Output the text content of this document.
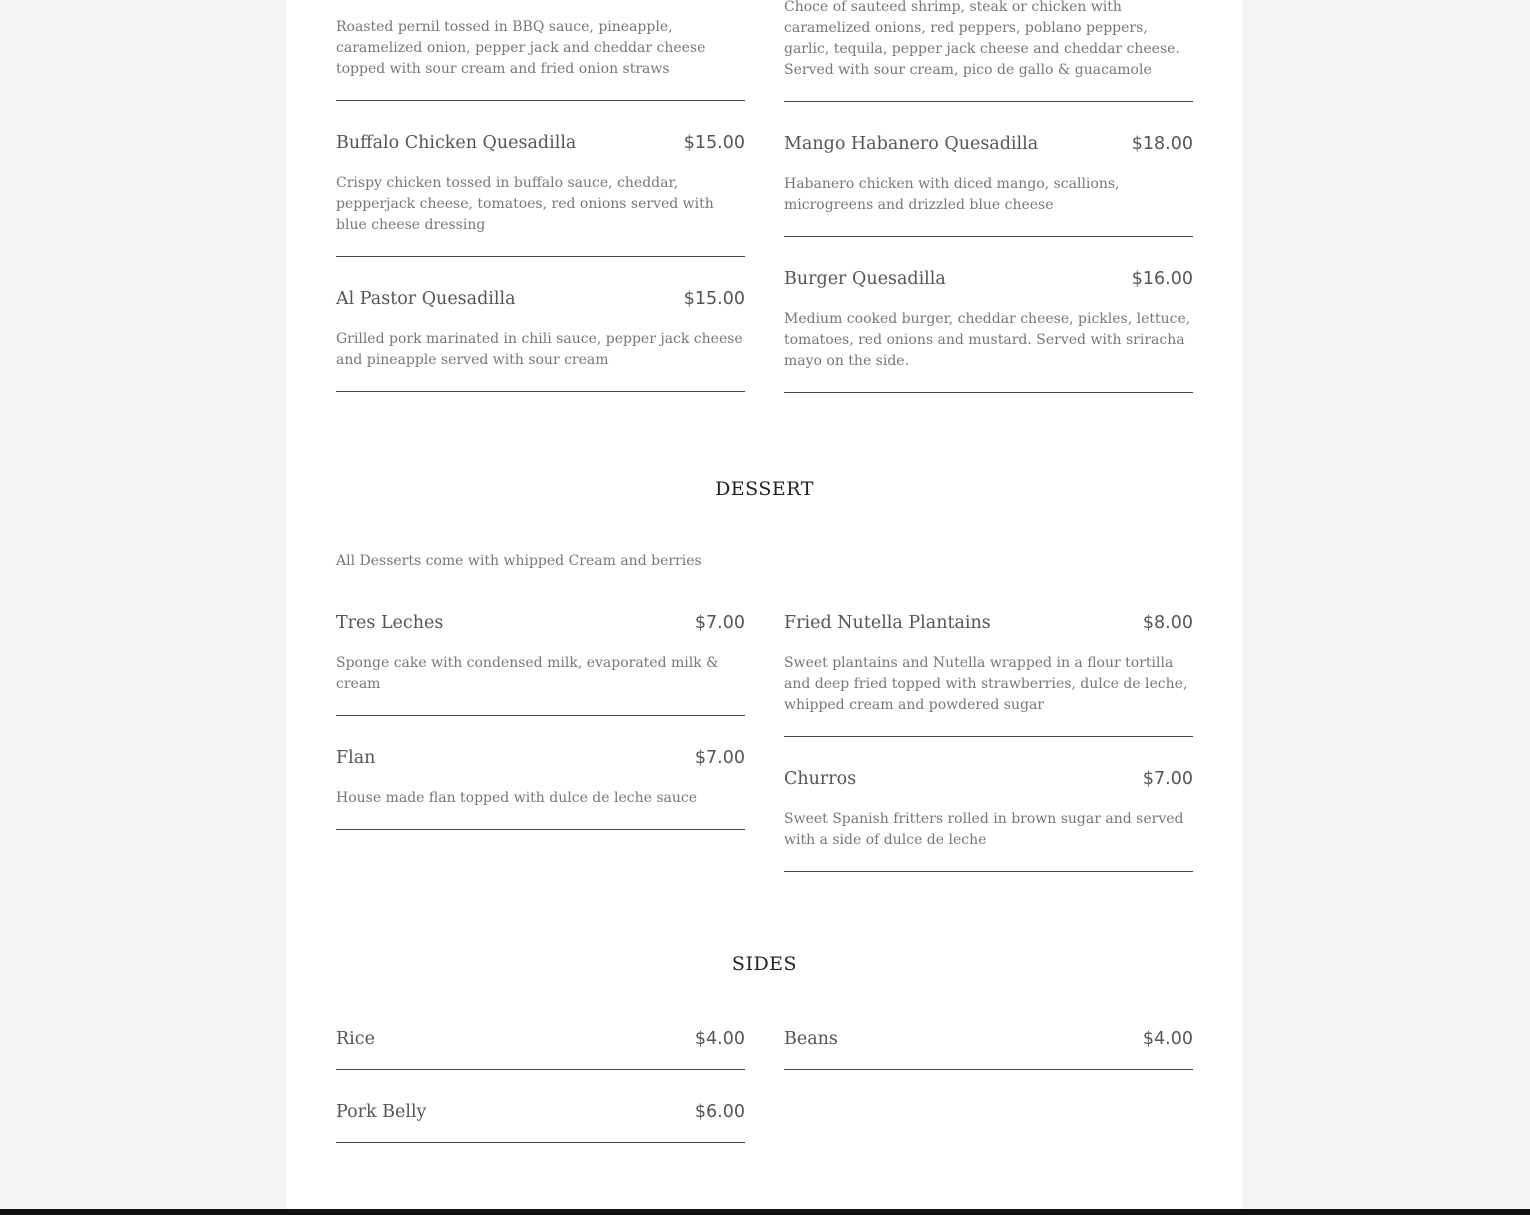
Roasted pernil tossed in BBQ sauce, pineapple, caramelized onion, pepper jack and cheddar cheese topped with sour cream and fried onion straws
Choce of sauteed shrimp, steak or chicken with caramelized onions, red peppers, poblano peppers, garlic, tequila, pepper jack cheese and cheddar cheese. Served with sour cream, pico de gallo & guacamole
Buffalo Chicken Quesadilla	$15.00
Crispy chicken tossed in buffalo sauce, cheddar, pepperjack cheese, tomatoes, red onions served with blue cheese dressing
Mango Habanero Quesadilla	$18.00
Habanero chicken with diced mango, scallions, microgreens and drizzled blue cheese
Al Pastor Quesadilla	$15.00
Grilled pork marinated in chili sauce, pepper jack cheese and pineapple served with sour cream
Burger Quesadilla	$16.00
Medium cooked burger, cheddar cheese, pickles, lettuce, tomatoes, red onions and mustard. Served with sriracha mayo on the side.
DESSERT
All Desserts come with whipped Cream and berries
Tres Leches	$7.00
Sponge cake with condensed milk, evaporated milk & cream
Fried Nutella Plantains	$8.00
Sweet plantains and Nutella wrapped in a flour tortilla and deep fried topped with strawberries, dulce de leche, whipped cream and powdered sugar
Flan	$7.00
House made flan topped with dulce de leche sauce
Churros	$7.00
Sweet Spanish fritters rolled in brown sugar and served with a side of dulce de leche
SIDES
Rice	$4.00 Beans	$4.00
Pork Belly	$6.00
